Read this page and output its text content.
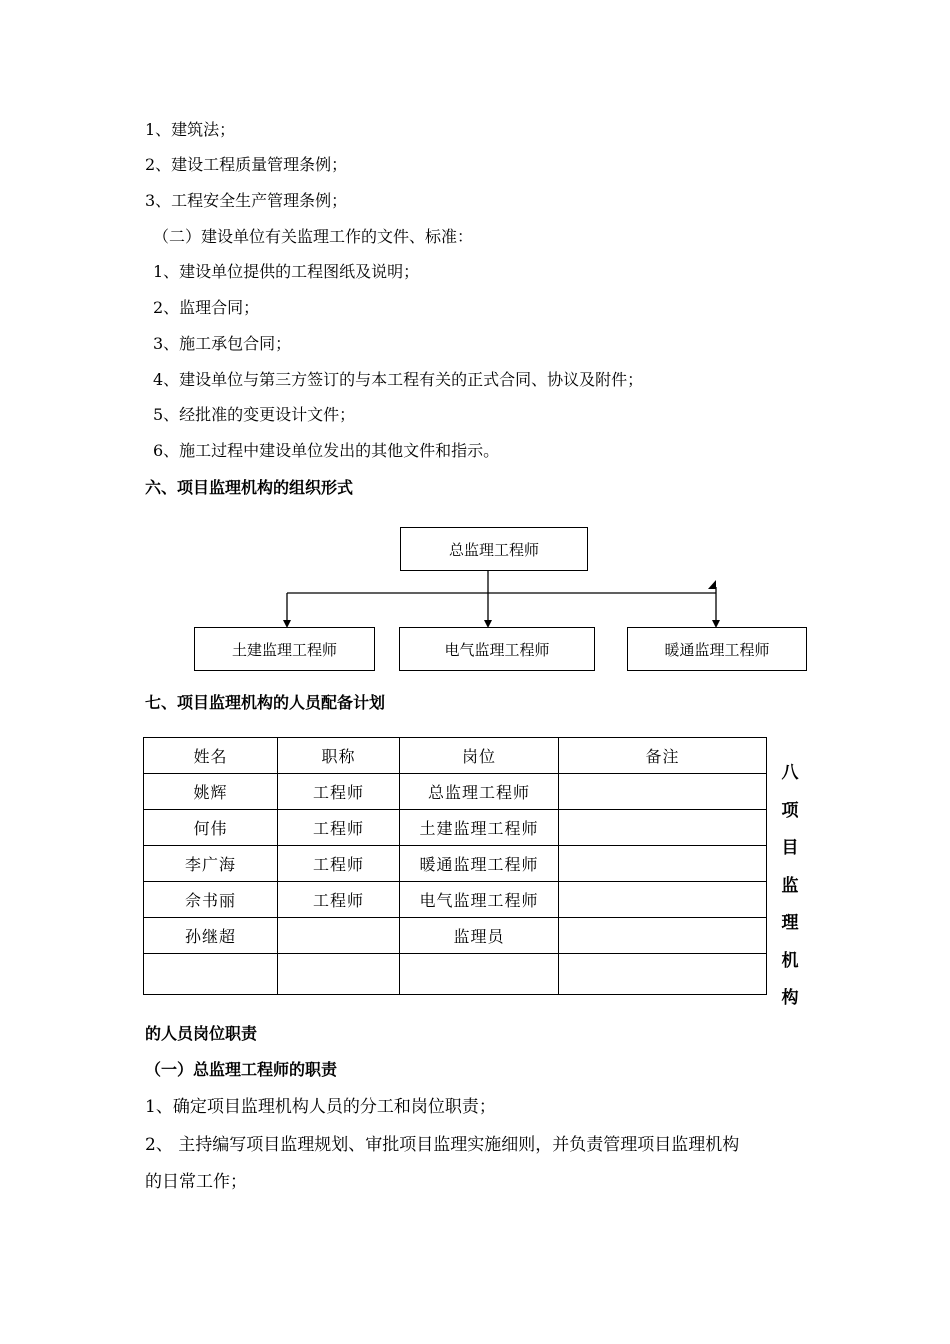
1、建筑法；
2、建设工程质量管理条例；
3、工程安全生产管理条例；
（二）建设单位有关监理工作的文件、标准：
1、建设单位提供的工程图纸及说明；
2、监理合同；
3、施工承包合同；
4、建设单位与第三方签订的与本工程有关的正式合同、协议及附件；
5、经批准的变更设计文件；
6、施工过程中建设单位发出的其他文件和指示。
六、项目监理机构的组织形式
总监理工程师
土建监理工程师	电气监理工程师	暖通监理工程师
七、项目监理机构的人员配备计划
姓名	职称	岗位	备注
姚辉	工程师	总监理工程师	
何伟	工程师	土建监理工程师	
李广海	工程师	暖通监理工程师	
佘书丽	工程师	电气监理工程师	
孙继超		监理员	

八
项
目
监
理
机
构
的人员岗位职责
（一）总监理工程师的职责
1、确定项目监理机构人员的分工和岗位职责；
2、 主持编写项目监理规划、审批项目监理实施细则，并负责管理项目监理机构
的日常工作；
